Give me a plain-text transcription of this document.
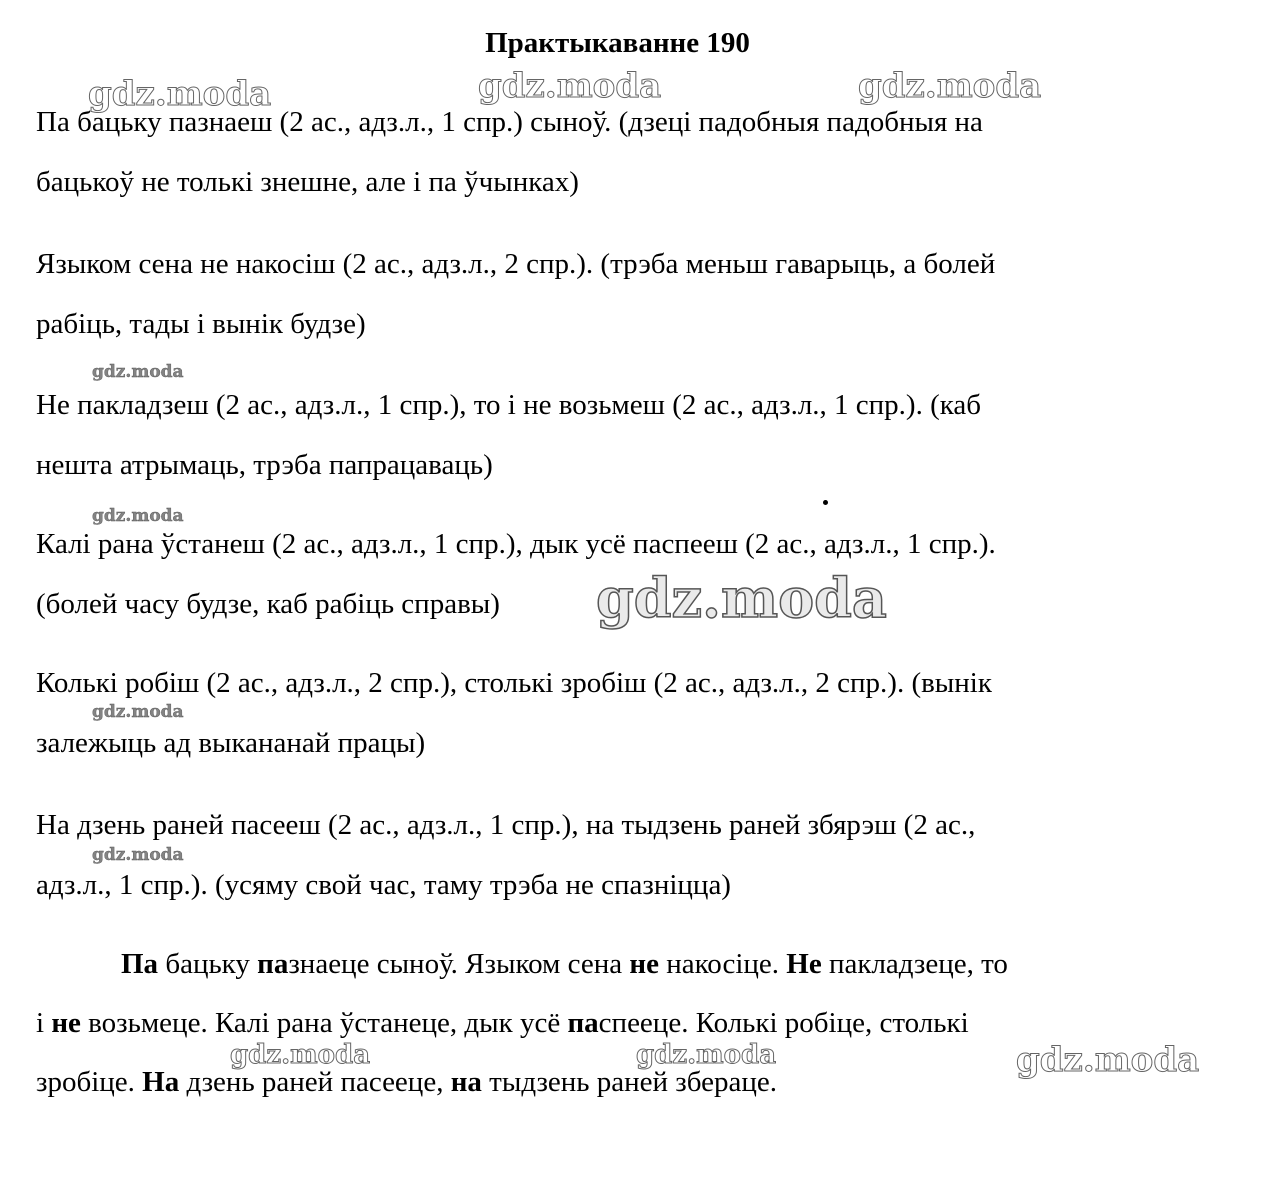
Практыкаванне 190
Па бацьку пазнаеш (2 ас., адз.л., 1 спр.) сыноў. (дзеці падобныя падобныя на
бацькоў не толькі знешне, але і па ўчынках)
Языком сена не накосіш (2 ас., адз.л., 2 спр.). (трэба меньш гаварыць, а болей
рабіць, тады і вынік будзе)
Не пакладзеш (2 ас., адз.л., 1 спр.), то і не возьмеш (2 ас., адз.л., 1 спр.). (каб
нешта атрымаць, трэба папрацаваць)
Калі рана ўстанеш (2 ас., адз.л., 1 спр.), дык усё паспееш (2 ас., адз.л., 1 спр.).
(болей часу будзе, каб рабіць справы)
Колькі робіш (2 ас., адз.л., 2 спр.), столькі зробіш (2 ас., адз.л., 2 спр.). (вынік
залежыць ад выкананай працы)
На дзень раней пасееш (2 ас., адз.л., 1 спр.), на тыдзень раней збярэш (2 ас.,
адз.л., 1 спр.). (усяму свой час, таму трэба не спазніцца)
Па бацьку пазнаеце сыноў. Языком сена не накосіце. Не пакладзеце, то
і не возьмеце. Калі рана ўстанеце, дык усё паспееце. Колькі робіце, столькі
зробіце. На дзень раней пасееце, на тыдзень раней збераце.
gdz.moda	gdz.moda	gdz.moda
gdz.moda
gdz.moda
gdz.moda
gdz.moda
gdz.moda
gdz.moda	gdz.moda	gdz.moda
